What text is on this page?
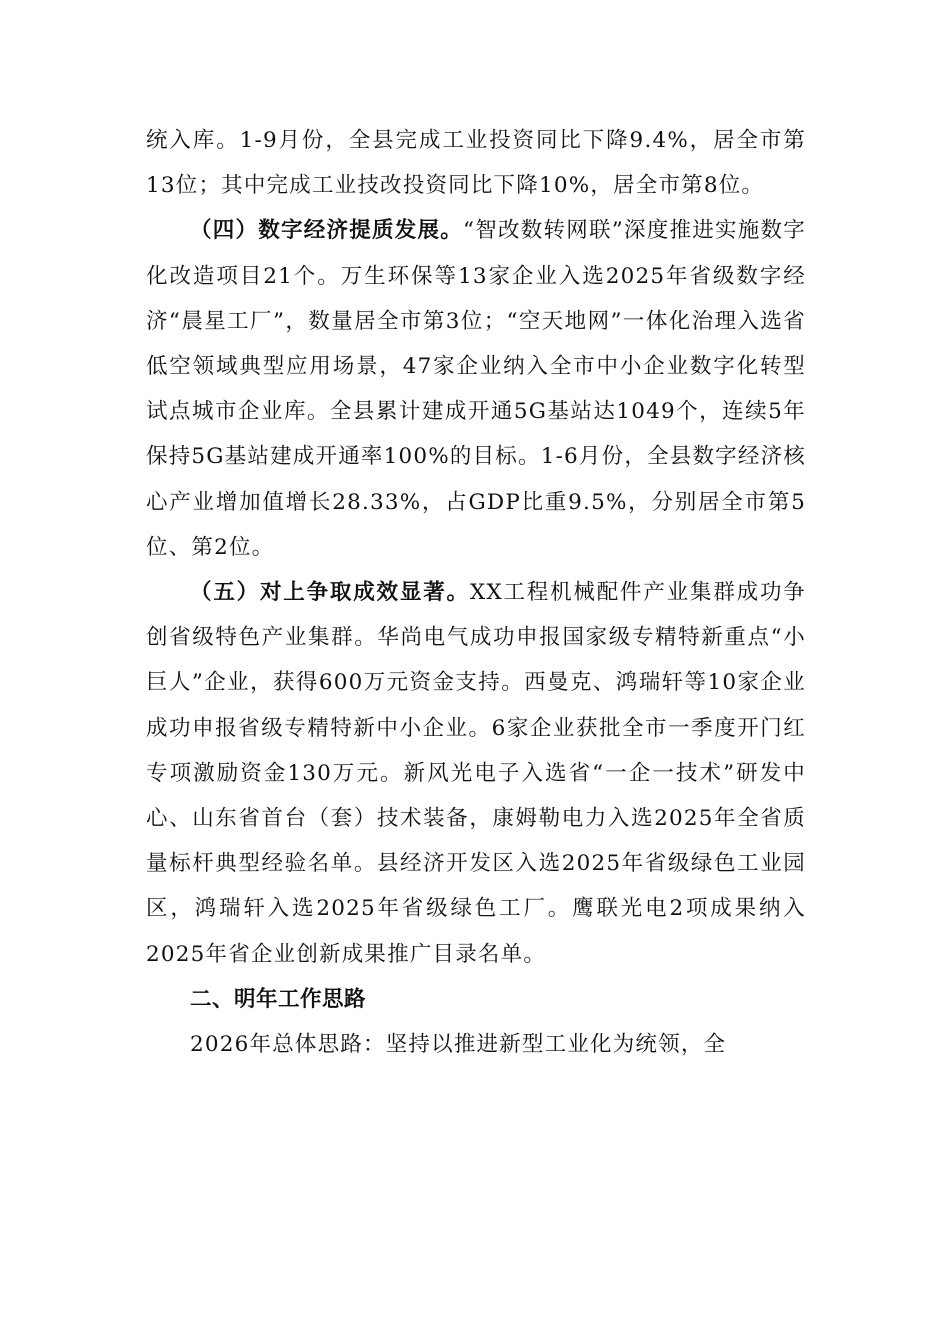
统入库。1-9月份，全县完成工业投资同比下降9.4%，居全市第13位；其中完成工业技改投资同比下降10%，居全市第8位。

（四）数字经济提质发展。“智改数转网联”深度推进实施数字化改造项目21个。万生环保等13家企业入选2025年省级数字经济“晨星工厂”，数量居全市第3位；“空天地网”一体化治理入选省低空领域典型应用场景，47家企业纳入全市中小企业数字化转型试点城市企业库。全县累计建成开通5G基站达1049个，连续5年保持5G基站建成开通率100%的目标。1-6月份，全县数字经济核心产业增加值增长28.33%，占GDP比重9.5%，分别居全市第5位、第2位。

（五）对上争取成效显著。XX工程机械配件产业集群成功争创省级特色产业集群。华尚电气成功申报国家级专精特新重点“小巨人”企业，获得600万元资金支持。西曼克、鸿瑞轩等10家企业成功申报省级专精特新中小企业。6家企业获批全市一季度开门红专项激励资金130万元。新风光电子入选省“一企一技术”研发中心、山东省首台（套）技术装备，康姆勒电力入选2025年全省质量标杆典型经验名单。县经济开发区入选2025年省级绿色工业园区，鸿瑞轩入选2025年省级绿色工厂。鹰联光电2项成果纳入2025年省企业创新成果推广目录名单。

二、明年工作思路

2026年总体思路：坚持以推进新型工业化为统领，全
